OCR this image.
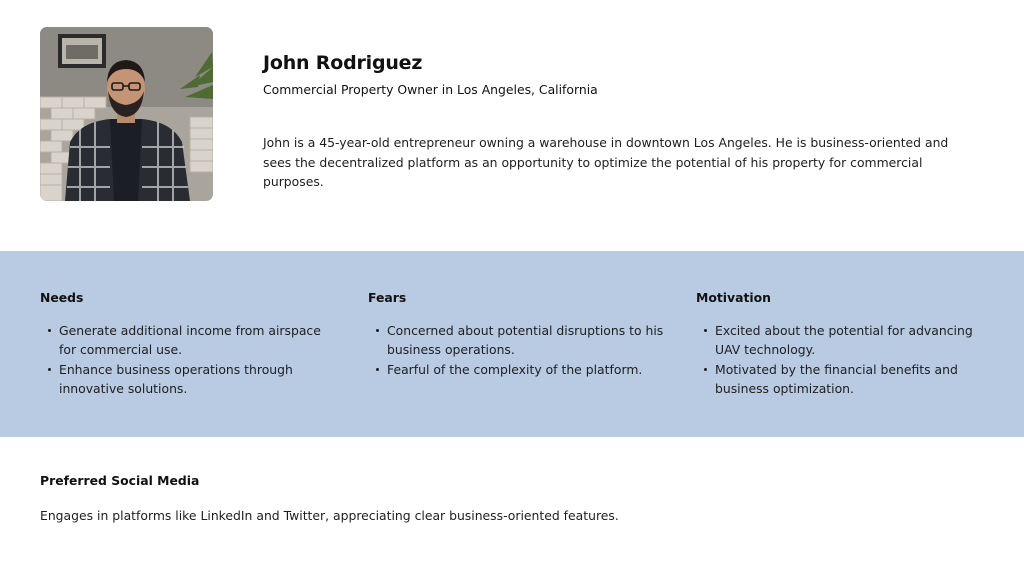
John Rodriguez
Commercial Property Owner in Los Angeles, California

John is a 45-year-old entrepreneur owning a warehouse in downtown Los Angeles. He is business-oriented and sees the decentralized platform as an opportunity to optimize the potential of his property for commercial purposes.

Needs
Generate additional income from airspace for commercial use.
Enhance business operations through innovative solutions.
Fears
Concerned about potential disruptions to his business operations.
Fearful of the complexity of the platform.
Motivation
Excited about the potential for advancing UAV technology.
Motivated by the financial benefits and business optimization.
Preferred Social Media

Engages in platforms like LinkedIn and Twitter, appreciating clear business-oriented features.
